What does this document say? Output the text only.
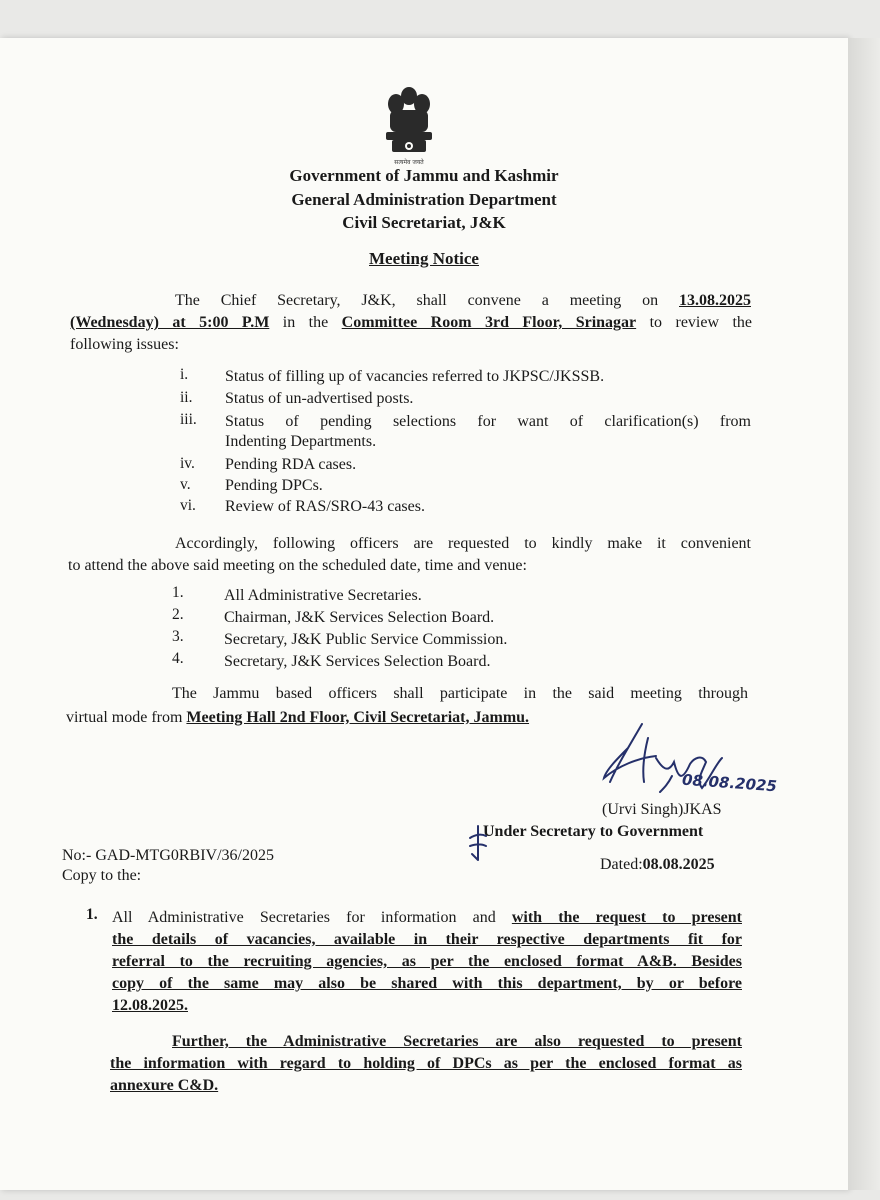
सत्यमेव जयते
Government of Jammu and Kashmir
General Administration Department
Civil Secretariat, J&K
Meeting Notice
The Chief Secretary, J&K, shall convene a meeting on 13.08.2025
(Wednesday) at 5:00 P.M in the Committee Room 3rd Floor, Srinagar to review the
following issues:
i. Status of filling up of vacancies referred to JKPSC/JKSSB.
ii. Status of un-advertised posts.
iii. Status of pending selections for want of clarification(s) from
Indenting Departments.
iv. Pending RDA cases.
v. Pending DPCs.
vi. Review of RAS/SRO-43 cases.
Accordingly, following officers are requested to kindly make it convenient
to attend the above said meeting on the scheduled date, time and venue:
1.	All Administrative Secretaries.
2.	Chairman, J&K Services Selection Board.
3.	Secretary, J&K Public Service Commission.
4.	Secretary, J&K Services Selection Board.
The Jammu based officers shall participate in the said meeting through
virtual mode from Meeting Hall 2nd Floor, Civil Secretariat, Jammu.
08.08.2025
(Urvi Singh)JKAS
Under Secretary to Government
No:- GAD-MTG0RBIV/36/2025
Copy to the:
Dated:08.08.2025
1. All Administrative Secretaries for information and with the request to present
the details of vacancies, available in their respective departments fit for
referral to the recruiting agencies, as per the enclosed format A&B. Besides
copy of the same may also be shared with this department, by or before
12.08.2025.
Further, the Administrative Secretaries are also requested to present
the information with regard to holding of DPCs as per the enclosed format as
annexure C&D.
